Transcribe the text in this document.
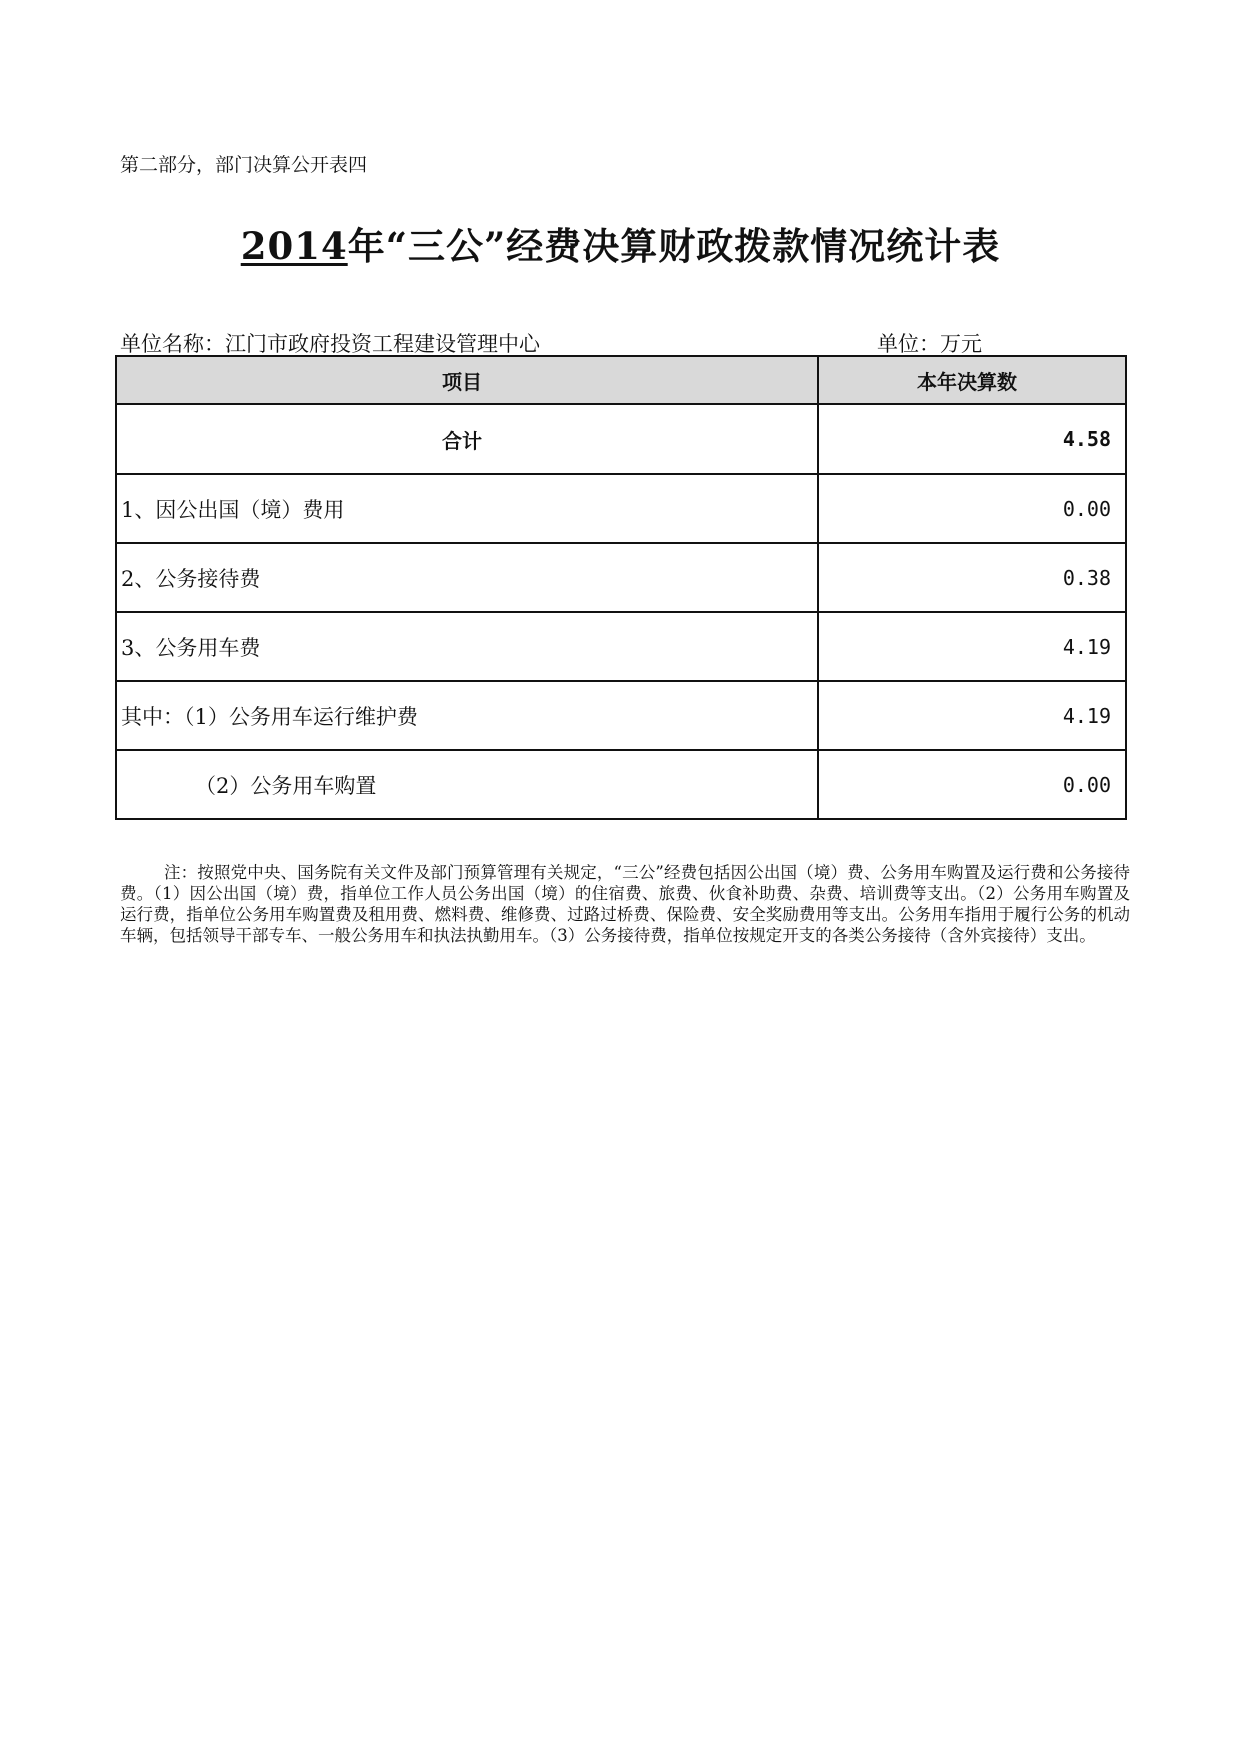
第二部分，部门决算公开表四
2014年“三公”经费决算财政拨款情况统计表
单位名称：江门市政府投资工程建设管理中心	单位：万元
项目	本年决算数
合计	4.58
1、因公出国（境）费用	0.00
2、公务接待费	0.38
3、公务用车费	4.19
其中：（1）公务用车运行维护费	4.19
（2）公务用车购置	0.00
注：按照党中央、国务院有关文件及部门预算管理有关规定，“三公”经费包括因公出国（境）费、公务用车购置及运行费和公务接待费。（1）因公出国（境）费，指单位工作人员公务出国（境）的住宿费、旅费、伙食补助费、杂费、培训费等支出。（2）公务用车购置及运行费，指单位公务用车购置费及租用费、燃料费、维修费、过路过桥费、保险费、安全奖励费用等支出。公务用车指用于履行公务的机动车辆，包括领导干部专车、一般公务用车和执法执勤用车。（3）公务接待费，指单位按规定开支的各类公务接待（含外宾接待）支出。
